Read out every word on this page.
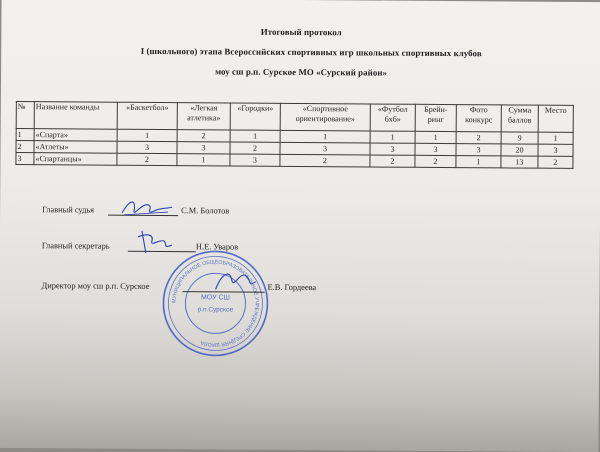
Итоговый протокол
I (школьного) этапа Всероссийских спортивных игр школьных спортивных клубов
моу сш р.п. Сурское МО «Сурский район»
№	Название команды	«Баскетбол»	«Легкая атлетика»	«Городки»	«Спортивное ориентирование»	«Футбол 6х6»	Брейн-ринг	Фото конкурс	Сумма баллов	Место
1	«Спарта»	1	2	1	1	1	1	2	9	1
2	«Атлеты»	3	3	2	3	3	3	3	20	3
3	«Спартанцы»	2	1	3	2	2	2	1	13	2
Главный судья	С.М. Болотов
Главный секретарь	Н.Е. Уваров
МУНИЦИПАЛЬНОЕ ОБЩЕОБРАЗОВАТЕЛЬНОЕ УЧРЕЖДЕНИЕ СРЕДНЯЯ ШКОЛА
МОУ СШ
р.п.Сурское
Директор моу сш р.п. Сурское	Е.В. Гордеева
